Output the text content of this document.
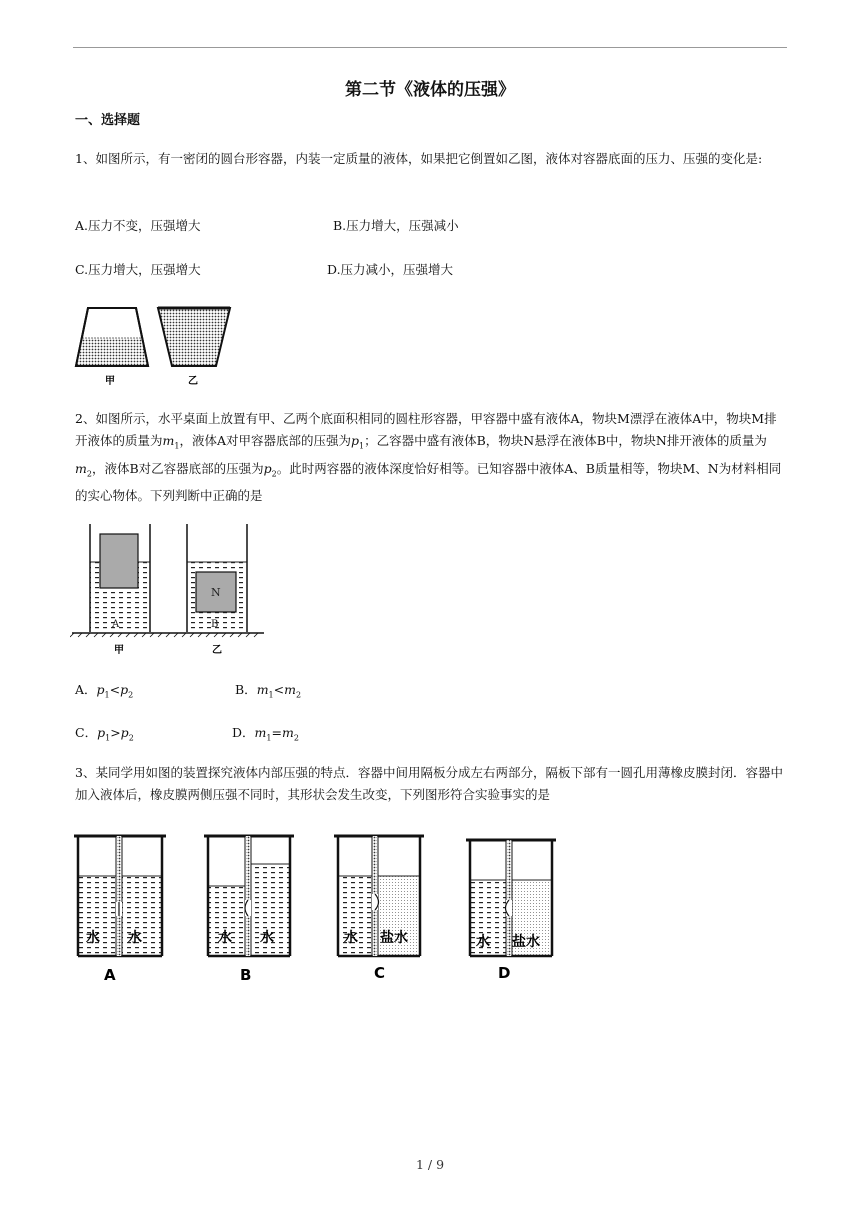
第二节《液体的压强》
一、选择题
1、如图所示，有一密闭的圆台形容器，内装一定质量的液体，如果把它倒置如乙图，液体对容器底面的压力、压强的变化是:
A.压力不变，压强增大	B.压力增大，压强减小
C.压力增大，压强增大	D.压力减小，压强增大
甲	乙
2、如图所示，水平桌面上放置有甲、乙两个底面积相同的圆柱形容器，甲容器中盛有液体A，物块M漂浮在液体A中，物块M排开液体的质量为$m_1$，液体A对甲容器底部的压强为$p_1$；乙容器中盛有液体B，物块N悬浮在液体B中，物块N排开液体的质量为$m_2$，液体B对乙容器底部的压强为$p_2$。此时两容器的液体深度恰好相等。已知容器中液体A、B质量相等，物块M、N为材料相同的实心物体。下列判断中正确的是
A
N
B
甲	乙
A．$p_1<p_2$	B．$m_1<m_2$
C．$p_1>p_2$	D．$m_1=m_2$
3、某同学用如图的装置探究液体内部压强的特点．容器中间用隔板分成左右两部分，隔板下部有一圆孔用薄橡皮膜封闭．容器中加入液体后，橡皮膜两侧压强不同时，其形状会发生改变，下列图形符合实验事实的是
水 水
A
水 水
B
水 盐水
C
水 盐水
D
1 / 9
